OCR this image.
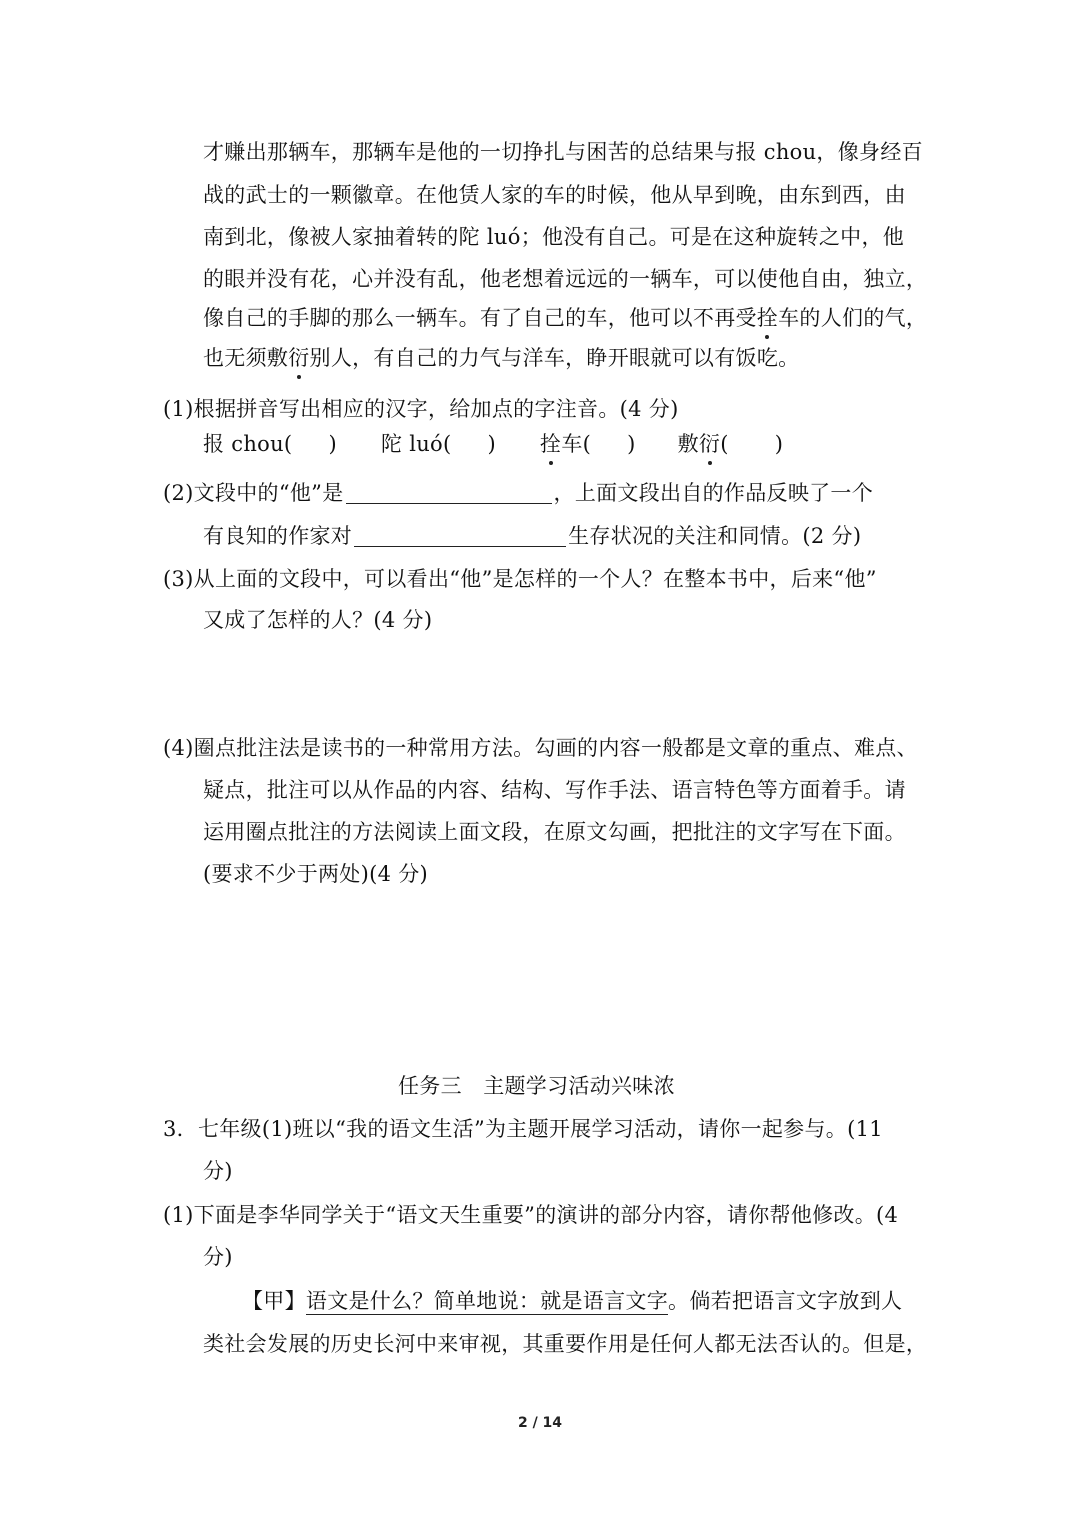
才赚出那辆车，那辆车是他的一切挣扎与困苦的总结果与报 chou，像身经百
战的武士的一颗徽章。在他赁人家的车的时候，他从早到晚，由东到西，由
南到北，像被人家抽着转的陀 luó；他没有自己。可是在这种旋转之中，他
的眼并没有花，心并没有乱，他老想着远远的一辆车，可以使他自由，独立，
像自己的手脚的那么一辆车。有了自己的车，他可以不再受拴车的人们的气，
也无须敷衍别人，有自己的力气与洋车，睁开眼就可以有饭吃。
(1)根据拼音写出相应的汉字，给加点的字注音。(4 分)
报 chou( ) 陀 luó( ) 拴车( ) 敷衍( )
(2)文段中的“他”是	，上面文段出自的作品反映了一个
有良知的作家对	生存状况的关注和同情。(2 分)
(3)从上面的文段中，可以看出“他”是怎样的一个人？在整本书中，后来“他”
又成了怎样的人？(4 分)
(4)圈点批注法是读书的一种常用方法。勾画的内容一般都是文章的重点、难点、
疑点，批注可以从作品的内容、结构、写作手法、语言特色等方面着手。请
运用圈点批注的方法阅读上面文段，在原文勾画，把批注的文字写在下面。
(要求不少于两处)(4 分)
任务三　主题学习活动兴味浓
3．七年级(1)班以“我的语文生活”为主题开展学习活动，请你一起参与。(11
分)
(1)下面是李华同学关于“语文天生重要”的演讲的部分内容，请你帮他修改。(4
分)
【甲】语文是什么？简单地说：就是语言文字。倘若把语言文字放到人
类社会发展的历史长河中来审视，其重要作用是任何人都无法否认的。但是，
2 / 14
